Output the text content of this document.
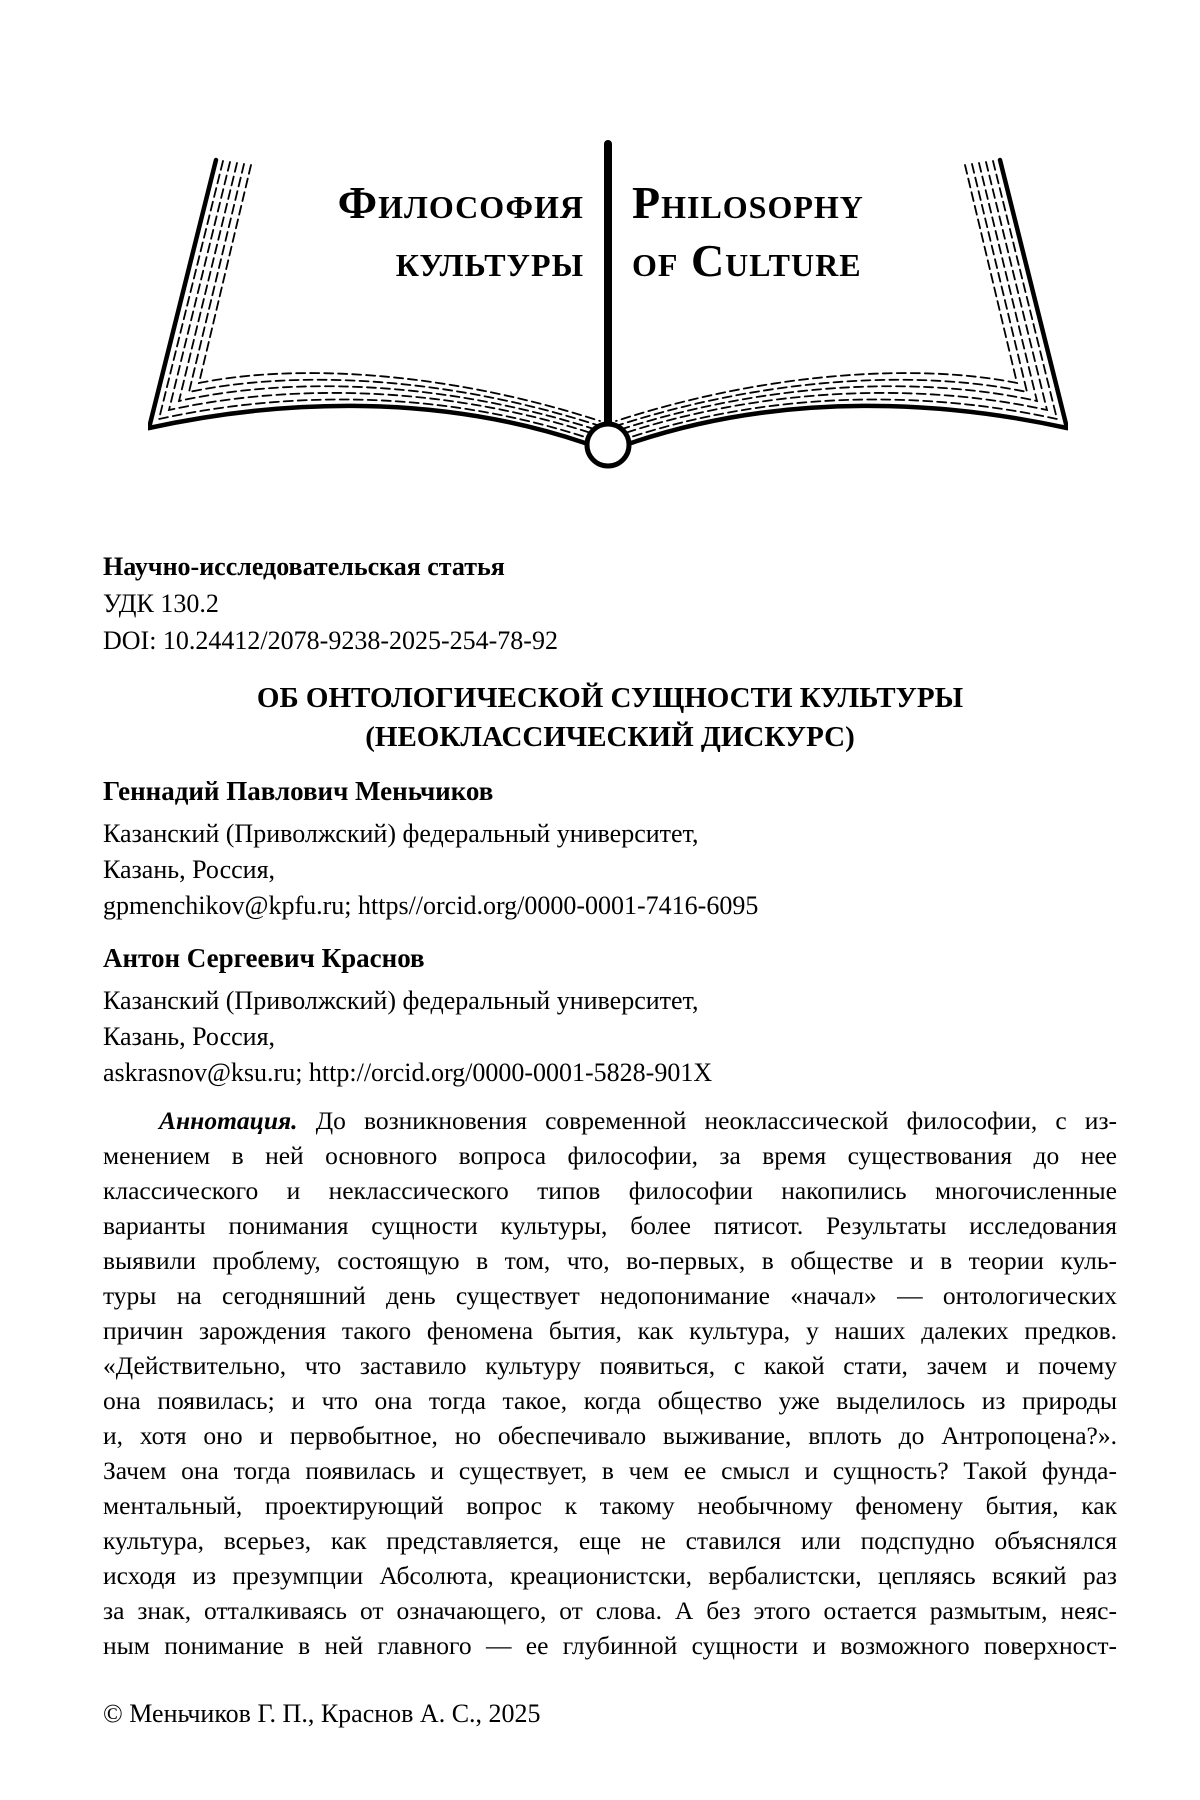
Философия
культуры
Philosophy
of Culture
Научно-исследовательская статья
УДК 130.2
DOI: 10.24412/2078-9238-2025-254-78-92
ОБ ОНТОЛОГИЧЕСКОЙ СУЩНОСТИ КУЛЬТУРЫ
(НЕОКЛАССИЧЕСКИЙ ДИСКУРС)
Геннадий Павлович Меньчиков
Казанский (Приволжский) федеральный университет,
Казань, Россия,
gpmenchikov@kpfu.ru; https//orcid.org/0000-0001-7416-6095
Антон Сергеевич Краснов
Казанский (Приволжский) федеральный университет,
Казань, Россия,
askrasnov@ksu.ru; http://orcid.org/0000-0001-5828-901X
Аннотация. До возникновения современной неоклассической философии, с из-
менением в ней основного вопроса философии, за время существования до нее
классического и неклассического типов философии накопились многочисленные
варианты понимания сущности культуры, более пятисот. Результаты исследования
выявили проблему, состоящую в том, что, во-первых, в обществе и в теории куль-
туры на сегодняшний день существует недопонимание «начал» — онтологических
причин зарождения такого феномена бытия, как культура, у наших далеких предков.
«Действительно, что заставило культуру появиться, с какой стати, зачем и почему
она появилась; и что она тогда такое, когда общество уже выделилось из природы
и, хотя оно и первобытное, но обеспечивало выживание, вплоть до Антропоцена?».
Зачем она тогда появилась и существует, в чем ее смысл и сущность? Такой фунда-
ментальный, проектирующий вопрос к такому необычному феномену бытия, как
культура, всерьез, как представляется, еще не ставился или подспудно объяснялся
исходя из презумпции Абсолюта, креационистски, вербалистски, цепляясь всякий раз
за знак, отталкиваясь от означающего, от слова. А без этого остается размытым, неяс-
ным понимание в ней главного — ее глубинной сущности и возможного поверхност-
© Меньчиков Г. П., Краснов А. С., 2025
